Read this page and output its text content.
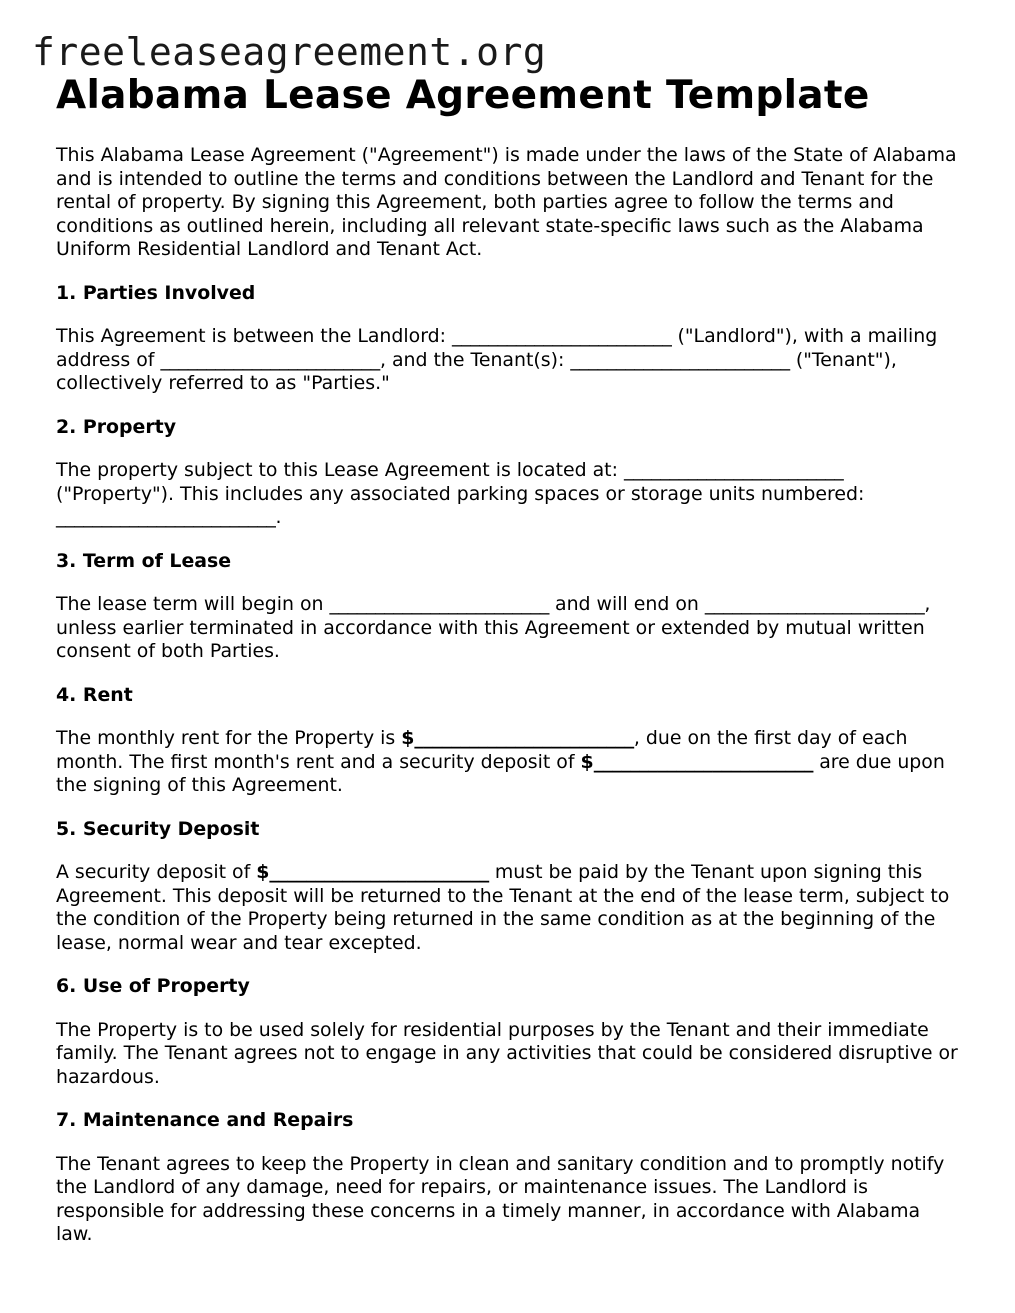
freeleaseagreement.org
Alabama Lease Agreement Template

This Alabama Lease Agreement ("Agreement") is made under the laws of the State of Alabama and is intended to outline the terms and conditions between the Landlord and Tenant for the rental of property. By signing this Agreement, both parties agree to follow the terms and conditions as outlined herein, including all relevant state-specific laws such as the Alabama Uniform Residential Landlord and Tenant Act.

1. Parties Involved

This Agreement is between the Landlord: ________________________ ("Landlord"), with a mailing address of ________________________, and the Tenant(s): ________________________ ("Tenant"), collectively referred to as "Parties."

2. Property

The property subject to this Lease Agreement is located at: ________________________ ("Property"). This includes any associated parking spaces or storage units numbered: ________________________.

3. Term of Lease

The lease term will begin on ________________________ and will end on ________________________, unless earlier terminated in accordance with this Agreement or extended by mutual written consent of both Parties.

4. Rent

The monthly rent for the Property is $________________________, due on the first day of each month. The first month's rent and a security deposit of $________________________ are due upon the signing of this Agreement.

5. Security Deposit

A security deposit of $________________________ must be paid by the Tenant upon signing this Agreement. This deposit will be returned to the Tenant at the end of the lease term, subject to the condition of the Property being returned in the same condition as at the beginning of the lease, normal wear and tear excepted.

6. Use of Property

The Property is to be used solely for residential purposes by the Tenant and their immediate family. The Tenant agrees not to engage in any activities that could be considered disruptive or hazardous.

7. Maintenance and Repairs

The Tenant agrees to keep the Property in clean and sanitary condition and to promptly notify the Landlord of any damage, need for repairs, or maintenance issues. The Landlord is responsible for addressing these concerns in a timely manner, in accordance with Alabama law.
